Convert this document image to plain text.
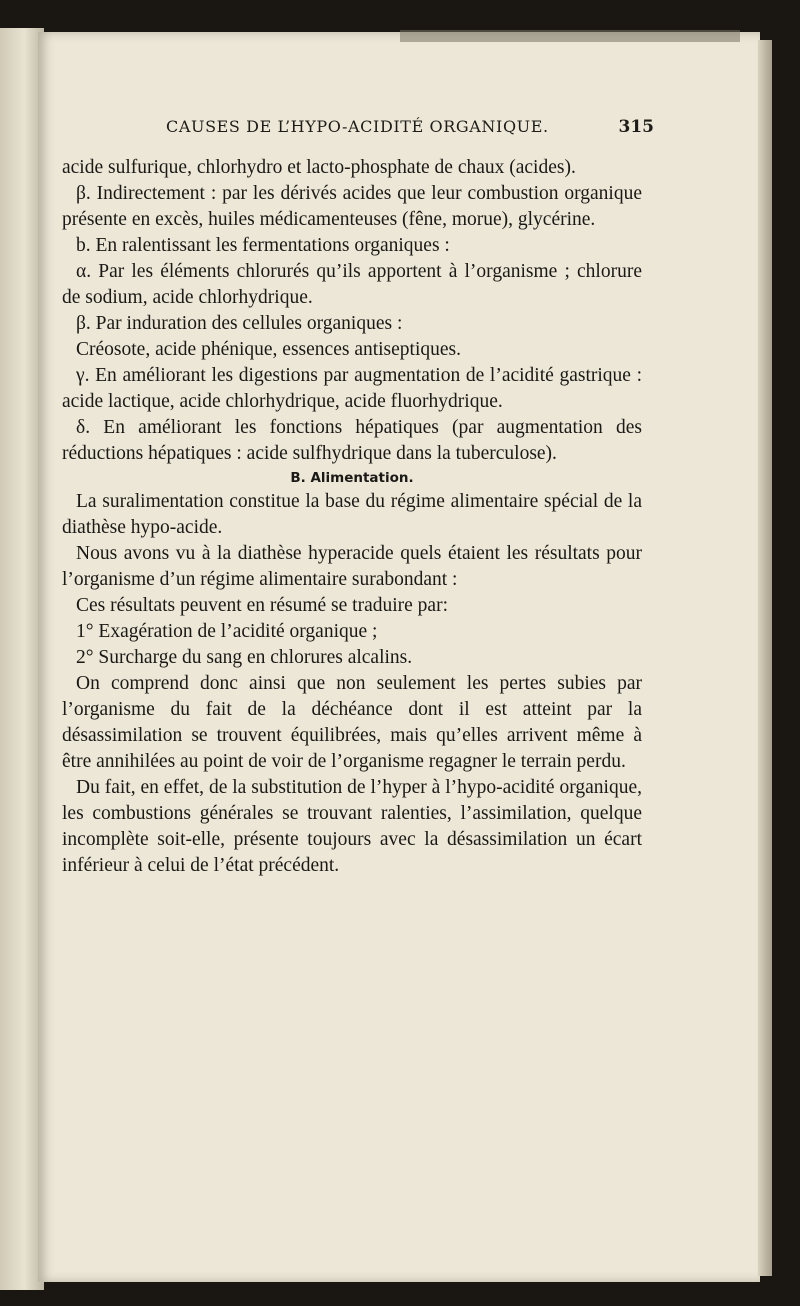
CAUSES DE L’HYPO-ACIDITÉ ORGANIQUE.	315

acide sulfurique, chlorhydro et lacto-phosphate de chaux (acides).

β. Indirectement : par les dérivés acides que leur combustion organique présente en excès, huiles médicamenteuses (fêne, morue), glycérine.

b. En ralentissant les fermentations organiques :

α. Par les éléments chlorurés qu’ils apportent à l’organisme ; chlorure de sodium, acide chlorhydrique.

β. Par induration des cellules organiques :

Créosote, acide phénique, essences antiseptiques.

γ. En améliorant les digestions par augmentation de l’acidité gastrique : acide lactique, acide chlorhydrique, acide fluorhydrique.

δ. En améliorant les fonctions hépatiques (par augmentation des réductions hépatiques : acide sulfhydrique dans la tuberculose).

B. Alimentation.

La suralimentation constitue la base du régime alimentaire spécial de la diathèse hypo-acide.

Nous avons vu à la diathèse hyperacide quels étaient les résultats pour l’organisme d’un régime alimentaire surabondant :

Ces résultats peuvent en résumé se traduire par:

1° Exagération de l’acidité organique ;

2° Surcharge du sang en chlorures alcalins.

On comprend donc ainsi que non seulement les pertes subies par l’organisme du fait de la déchéance dont il est atteint par la désassimilation se trouvent équilibrées, mais qu’elles arrivent même à être annihilées au point de voir de l’organisme regagner le terrain perdu.

Du fait, en effet, de la substitution de l’hyper à l’hypo-acidité organique, les combustions générales se trouvant ralenties, l’assimilation, quelque incomplète soit-elle, présente toujours avec la désassimilation un écart inférieur à celui de l’état précédent.
